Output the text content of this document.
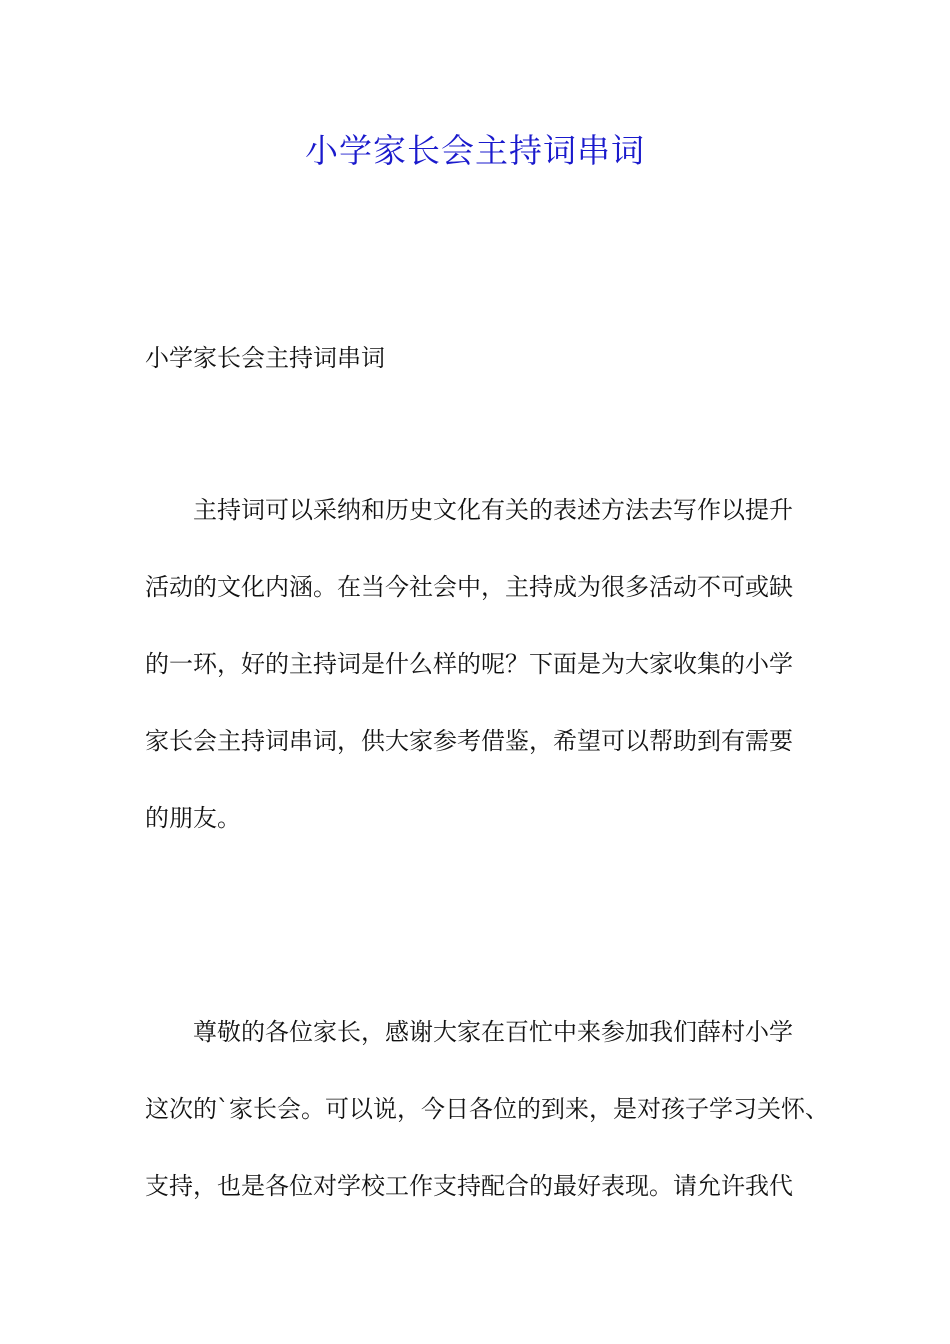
小学家长会主持词串词
小学家长会主持词串词
主持词可以采纳和历史文化有关的表述方法去写作以提升
活动的文化内涵。在当今社会中，主持成为很多活动不可或缺
的一环，好的主持词是什么样的呢？下面是为大家收集的小学
家长会主持词串词，供大家参考借鉴，希望可以帮助到有需要
的朋友。
尊敬的各位家长，感谢大家在百忙中来参加我们薛村小学
这次的`家长会。可以说，今日各位的到来，是对孩子学习关怀、
支持，也是各位对学校工作支持配合的最好表现。请允许我代
